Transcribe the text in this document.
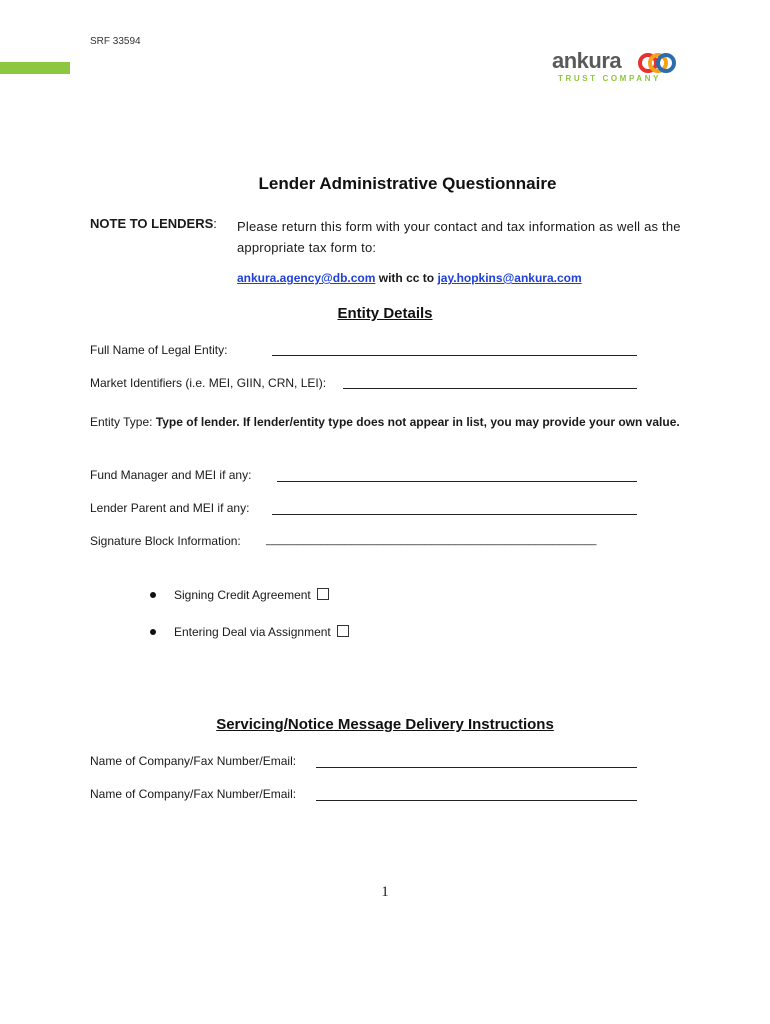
SRF 33594
ankura
TRUST COMPANY
Lender Administrative Questionnaire
NOTE TO LENDERS: Please return this form with your contact and tax information as well as the appropriate tax form to:
ankura.agency@db.com with cc to jay.hopkins@ankura.com
Entity Details
Full Name of Legal Entity:
Market Identifiers (i.e. MEI, GIIN, CRN, LEI):
Entity Type: Type of lender. If lender/entity type does not appear in list, you may provide your own value.
Fund Manager and MEI if any:
Lender Parent and MEI if any:
Signature Block Information: ______________________________________________________
Signing Credit Agreement
Entering Deal via Assignment
Servicing/Notice Message Delivery Instructions
Name of Company/Fax Number/Email:
Name of Company/Fax Number/Email:
1
